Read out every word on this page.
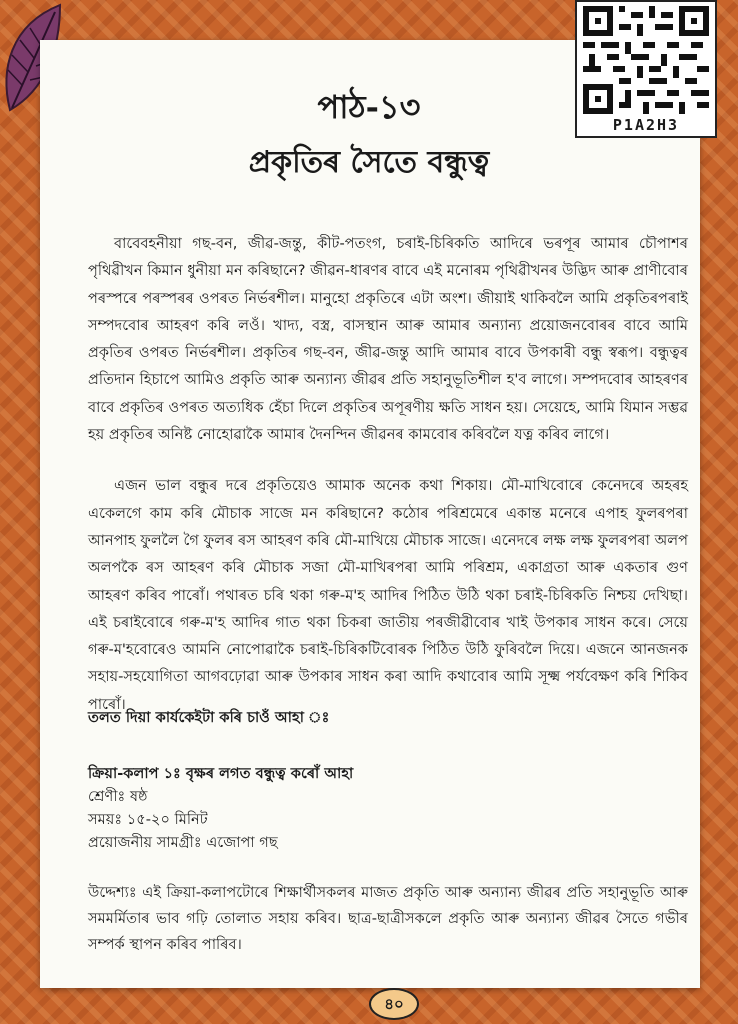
P1A2H3
পাঠ-১৩
প্ৰকৃতিৰ সৈতে বন্ধুত্ব

বাবেবহনীয়া গছ-বন, জীৱ-জন্তু, কীট-পতংগ, চৰাই-চিৰিকতি আদিৰে ভৰপূৰ আমাৰ চৌপাশৰ পৃথিৱীখন কিমান ধুনীয়া মন কৰিছানে? জীৱন-ধাৰণৰ বাবে এই মনোৰম পৃথিৱীখনৰ উদ্ভিদ আৰু প্ৰাণীবোৰ পৰস্পৰে পৰস্পৰৰ ওপৰত নিৰ্ভৰশীল। মানুহো প্ৰকৃতিৰে এটা অংশ। জীয়াই থাকিবলৈ আমি প্ৰকৃতিৰপৰাই সম্পদবোৰ আহৰণ কৰি লওঁ। খাদ্য, বস্ত্ৰ, বাসস্থান আৰু আমাৰ অন্যান্য প্ৰয়োজনবোৰৰ বাবে আমি প্ৰকৃতিৰ ওপৰত নিৰ্ভৰশীল। প্ৰকৃতিৰ গছ-বন, জীৱ-জন্তু আদি আমাৰ বাবে উপকাৰী বন্ধু স্বৰূপ। বন্ধুত্বৰ প্ৰতিদান হিচাপে আমিও প্ৰকৃতি আৰু অন্যান্য জীৱৰ প্ৰতি সহানুভূতিশীল হ'ব লাগে। সম্পদবোৰ আহৰণৰ বাবে প্ৰকৃতিৰ ওপৰত অত্যধিক হেঁচা দিলে প্ৰকৃতিৰ অপূৰণীয় ক্ষতি সাধন হয়। সেয়েহে, আমি যিমান সম্ভৱ হয় প্ৰকৃতিৰ অনিষ্ট নোহোৱাকৈ আমাৰ দৈনন্দিন জীৱনৰ কামবোৰ কৰিবলৈ যত্ন কৰিব লাগে।

এজন ভাল বন্ধুৰ দৰে প্ৰকৃতিয়েও আমাক অনেক কথা শিকায়। মৌ-মাখিবোৰে কেনেদৰে অহৰহ একেলগে কাম কৰি মৌচাক সাজে মন কৰিছানে? কঠোৰ পৰিশ্ৰমেৰে একান্ত মনেৰে এপাহ ফুলৰপৰা আনপাহ ফুললৈ গৈ ফুলৰ ৰস আহৰণ কৰি মৌ-মাখিয়ে মৌচাক সাজে। এনেদৰে লক্ষ লক্ষ ফুলৰপৰা অলপ অলপকৈ ৰস আহৰণ কৰি মৌচাক সজা মৌ-মাখিৰপৰা আমি পৰিশ্ৰম, একাগ্ৰতা আৰু একতাৰ গুণ আহৰণ কৰিব পাৰোঁ। পথাৰত চৰি থকা গৰু-ম'হ আদিৰ পিঠিত উঠি থকা চৰাই-চিৰিকতি নিশ্চয় দেখিছা। এই চৰাইবোৰে গৰু-ম'হ আদিৰ গাত থকা চিকৰা জাতীয় পৰজীৱীবোৰ খাই উপকাৰ সাধন কৰে। সেয়ে গৰু-ম'হবোৰেও আমনি নোপোৱাকৈ চৰাই-চিৰিকটিবোৰক পিঠিত উঠি ফুৰিবলৈ দিয়ে। এজনে আনজনক সহায়-সহযোগিতা আগবঢ়োৱা আৰু উপকাৰ সাধন কৰা আদি কথাবোৰ আমি সূক্ষ্ম পৰ্যবেক্ষণ কৰি শিকিব পাৰোঁ।

তলত দিয়া কাৰ্যকেইটা কৰি চাওঁ আহা ঃ
ক্ৰিয়া-কলাপ ১ঃ বৃক্ষৰ লগত বন্ধুত্ব কৰোঁ আহা
শ্ৰেণীঃ ষষ্ঠ
সময়ঃ ১৫-২০ মিনিট
প্ৰয়োজনীয় সামগ্ৰীঃ এজোপা গছ
উদ্দেশ্যঃ এই ক্ৰিয়া-কলাপটোৰে শিক্ষাৰ্থীসকলৰ মাজত প্ৰকৃতি আৰু অন্যান্য জীৱৰ প্ৰতি সহানুভূতি আৰু সমমৰ্মিতাৰ ভাব গঢ়ি তোলাত সহায় কৰিব। ছাত্ৰ-ছাত্ৰীসকলে প্ৰকৃতি আৰু অন্যান্য জীৱৰ সৈতে গভীৰ সম্পৰ্ক স্থাপন কৰিব পাৰিব।
৪০
